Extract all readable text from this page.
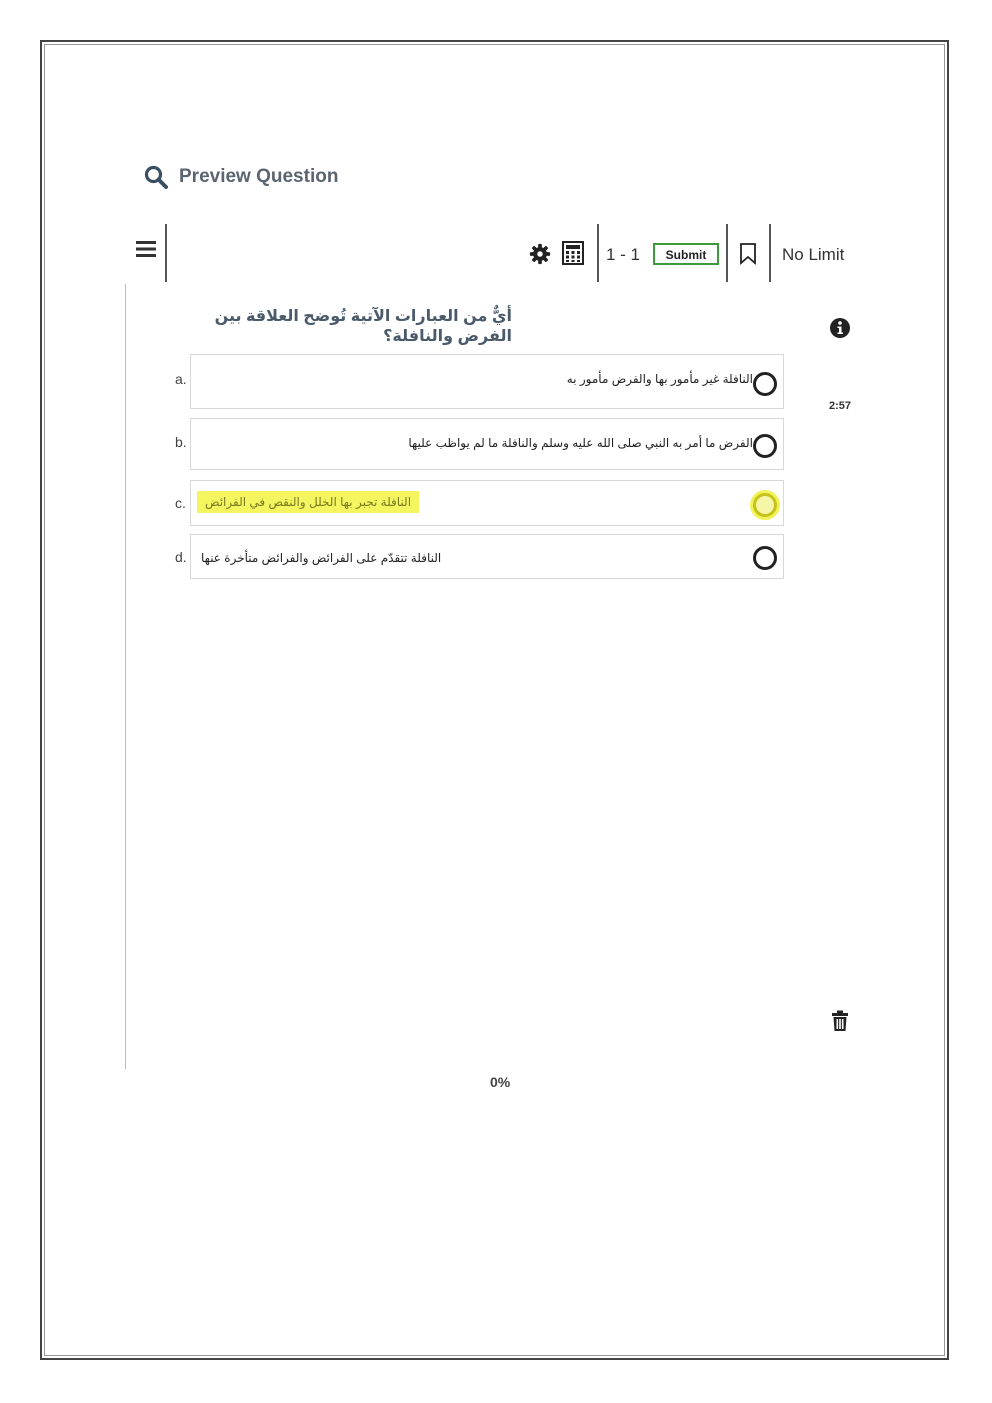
Preview Question
1 - 1	Submit	No Limit
أيٌّ من العبارات الآتية تُوضح العلاقة بين الفرض والنافلة؟
2:57
a.	النافلة غير مأمور بها والفرض مأمور به
b.	الفرض ما أمر به النبي صلى الله عليه وسلم والنافلة ما لم يواظب عليها
c.	النافلة تجبر بها الخلل والنقص في الفرائض
d. النافلة تتقدّم على الفرائض والفرائض متأخرة عنها
0%
